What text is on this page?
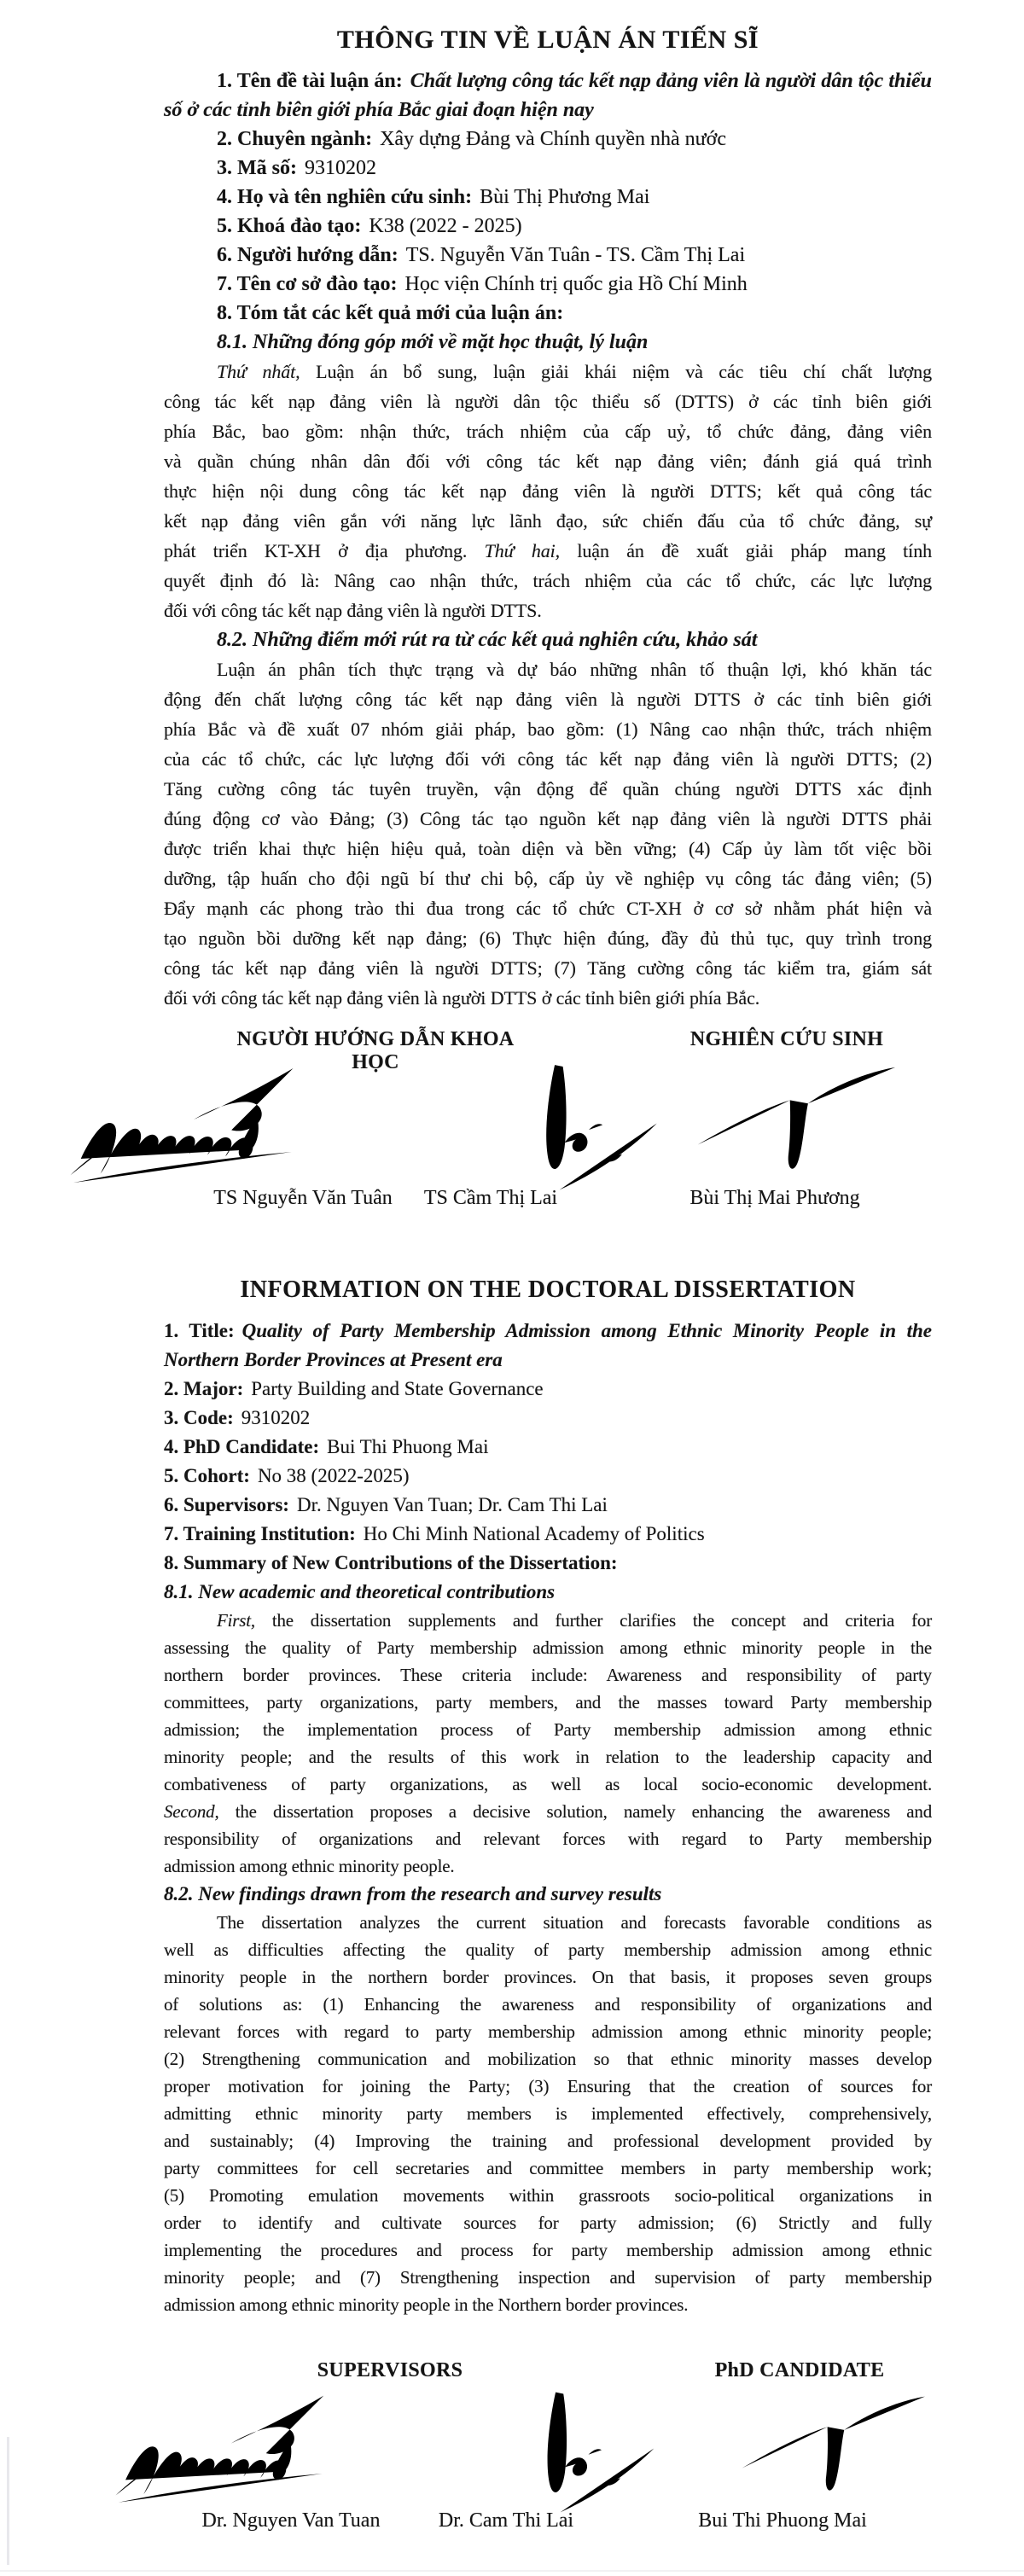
THÔNG TIN VỀ LUẬN ÁN TIẾN SĨ
1. Tên đề tài luận án: Chất lượng công tác kết nạp đảng viên là người dân tộc thiểu số ở các tỉnh biên giới phía Bắc giai đoạn hiện nay
2. Chuyên ngành: Xây dựng Đảng và Chính quyền nhà nước
3. Mã số: 9310202
4. Họ và tên nghiên cứu sinh: Bùi Thị Phương Mai
5. Khoá đào tạo: K38 (2022 - 2025)
6. Người hướng dẫn: TS. Nguyễn Văn Tuân - TS. Cầm Thị Lai
7. Tên cơ sở đào tạo: Học viện Chính trị quốc gia Hồ Chí Minh
8. Tóm tắt các kết quả mới của luận án:
8.1. Những đóng góp mới về mặt học thuật, lý luận
Thứ nhất, Luận án bổ sung, luận giải khái niệm và các tiêu chí chất lượng
công tác kết nạp đảng viên là người dân tộc thiểu số (DTTS) ở các tỉnh biên giới
phía Bắc, bao gồm: nhận thức, trách nhiệm của cấp uỷ, tổ chức đảng, đảng viên
và quần chúng nhân dân đối với công tác kết nạp đảng viên; đánh giá quá trình
thực hiện nội dung công tác kết nạp đảng viên là người DTTS; kết quả công tác
kết nạp đảng viên gắn với năng lực lãnh đạo, sức chiến đấu của tổ chức đảng, sự
phát triển KT-XH ở địa phương. Thứ hai, luận án đề xuất giải pháp mang tính
quyết định đó là: Nâng cao nhận thức, trách nhiệm của các tổ chức, các lực lượng
đối với công tác kết nạp đảng viên là người DTTS.
8.2. Những điểm mới rút ra từ các kết quả nghiên cứu, khảo sát
Luận án phân tích thực trạng và dự báo những nhân tố thuận lợi, khó khăn tác
động đến chất lượng công tác kết nạp đảng viên là người DTTS ở các tỉnh biên giới
phía Bắc và đề xuất 07 nhóm giải pháp, bao gồm: (1) Nâng cao nhận thức, trách nhiệm
của các tổ chức, các lực lượng đối với công tác kết nạp đảng viên là người DTTS; (2)
Tăng cường công tác tuyên truyền, vận động để quần chúng người DTTS xác định
đúng động cơ vào Đảng; (3) Công tác tạo nguồn kết nạp đảng viên là người DTTS phải
được triển khai thực hiện hiệu quả, toàn diện và bền vững; (4) Cấp ủy làm tốt việc bồi
dưỡng, tập huấn cho đội ngũ bí thư chi bộ, cấp ủy về nghiệp vụ công tác đảng viên; (5)
Đẩy mạnh các phong trào thi đua trong các tổ chức CT-XH ở cơ sở nhằm phát hiện và
tạo nguồn bồi dưỡng kết nạp đảng; (6) Thực hiện đúng, đầy đủ thủ tục, quy trình trong
công tác kết nạp đảng viên là người DTTS; (7) Tăng cường công tác kiểm tra, giám sát
đối với công tác kết nạp đảng viên là người DTTS ở các tỉnh biên giới phía Bắc.
NGƯỜI HƯỚNG DẪN KHOA HỌC
NGHIÊN CỨU SINH
TS Nguyễn Văn Tuân	TS Cầm Thị Lai	Bùi Thị Mai Phương
INFORMATION ON THE DOCTORAL DISSERTATION
1. Title: Quality of Party Membership Admission among Ethnic Minority People in the Northern Border Provinces at Present era
2. Major: Party Building and State Governance
3. Code: 9310202
4. PhD Candidate: Bui Thi Phuong Mai
5. Cohort: No 38 (2022-2025)
6. Supervisors: Dr. Nguyen Van Tuan; Dr. Cam Thi Lai
7. Training Institution: Ho Chi Minh National Academy of Politics
8. Summary of New Contributions of the Dissertation:
8.1. New academic and theoretical contributions
First, the dissertation supplements and further clarifies the concept and criteria for
assessing the quality of Party membership admission among ethnic minority people in the
northern border provinces. These criteria include: Awareness and responsibility of party
committees, party organizations, party members, and the masses toward Party membership
admission; the implementation process of Party membership admission among ethnic
minority people; and the results of this work in relation to the leadership capacity and
combativeness of party organizations, as well as local socio-economic development.
Second, the dissertation proposes a decisive solution, namely enhancing the awareness and
responsibility of organizations and relevant forces with regard to Party membership
admission among ethnic minority people.
8.2. New findings drawn from the research and survey results
The dissertation analyzes the current situation and forecasts favorable conditions as
well as difficulties affecting the quality of party membership admission among ethnic
minority people in the northern border provinces. On that basis, it proposes seven groups
of solutions as: (1) Enhancing the awareness and responsibility of organizations and
relevant forces with regard to party membership admission among ethnic minority people;
(2) Strengthening communication and mobilization so that ethnic minority masses develop
proper motivation for joining the Party; (3) Ensuring that the creation of sources for
admitting ethnic minority party members is implemented effectively, comprehensively,
and sustainably; (4) Improving the training and professional development provided by
party committees for cell secretaries and committee members in party membership work;
(5) Promoting emulation movements within grassroots socio-political organizations in
order to identify and cultivate sources for party admission; (6) Strictly and fully
implementing the procedures and process for party membership admission among ethnic
minority people; and (7) Strengthening inspection and supervision of party membership
admission among ethnic minority people in the Northern border provinces.
SUPERVISORS	PhD CANDIDATE
Dr. Nguyen Van Tuan	Dr. Cam Thi Lai	Bui Thi Phuong Mai
